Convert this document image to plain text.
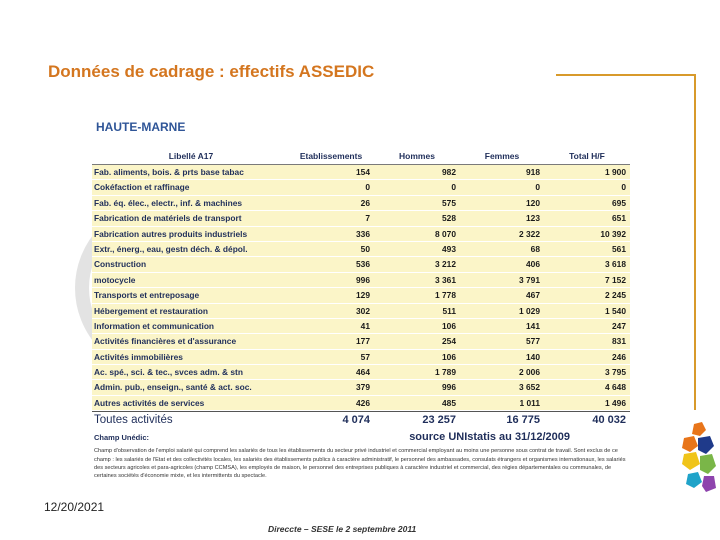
Données de cadrage : effectifs ASSEDIC
HAUTE-MARNE
Libellé A17	Etablissements	Hommes	Femmes	Total H/F
Fab. aliments, bois. & prts base tabac	154	982	918	1 900
Cokéfaction et raffinage	0	0	0	0
Fab. éq. élec., electr., inf. & machines	26	575	120	695
Fabrication de matériels de transport	7	528	123	651
Fabrication autres produits industriels	336	8 070	2 322	10 392
Extr., énerg., eau, gestn déch. & dépol.	50	493	68	561
Construction	536	3 212	406	3 618
motocycle	996	3 361	3 791	7 152
Transports et entreposage	129	1 778	467	2 245
Hébergement et restauration	302	511	1 029	1 540
Information et communication	41	106	141	247
Activités financières et d'assurance	177	254	577	831
Activités immobilières	57	106	140	246
Ac. spé., sci. & tec., svces adm. & stn	464	1 789	2 006	3 795
Admin. pub., enseign., santé & act. soc.	379	996	3 652	4 648
Autres activités de services	426	485	1 011	1 496
Toutes activités	4 074	23 257	16 775	40 032
Champ Unédic:	source UNIstatis au 31/12/2009
Champ d'observation de l'emploi salarié qui comprend les salariés de tous les établissements du secteur privé industriel et commercial employant au moins une personne sous contrat de travail. Sont exclus de ce champ : les salariés de l'Etat et des collectivités locales, les salariés des établissements publics à caractère administratif, le personnel des ambassades, consulats étrangers et organismes internationaux, les salariés des secteurs agricoles et para-agricoles (champ CCMSA), les employés de maison, le personnel des entreprises publiques à caractère industriel et commercial, des régies départementales ou communales, de certaines sociétés d'économie mixte, et les intermittents du spectacle.
12/20/2021
Direccte – SESE le 2 septembre 2011
